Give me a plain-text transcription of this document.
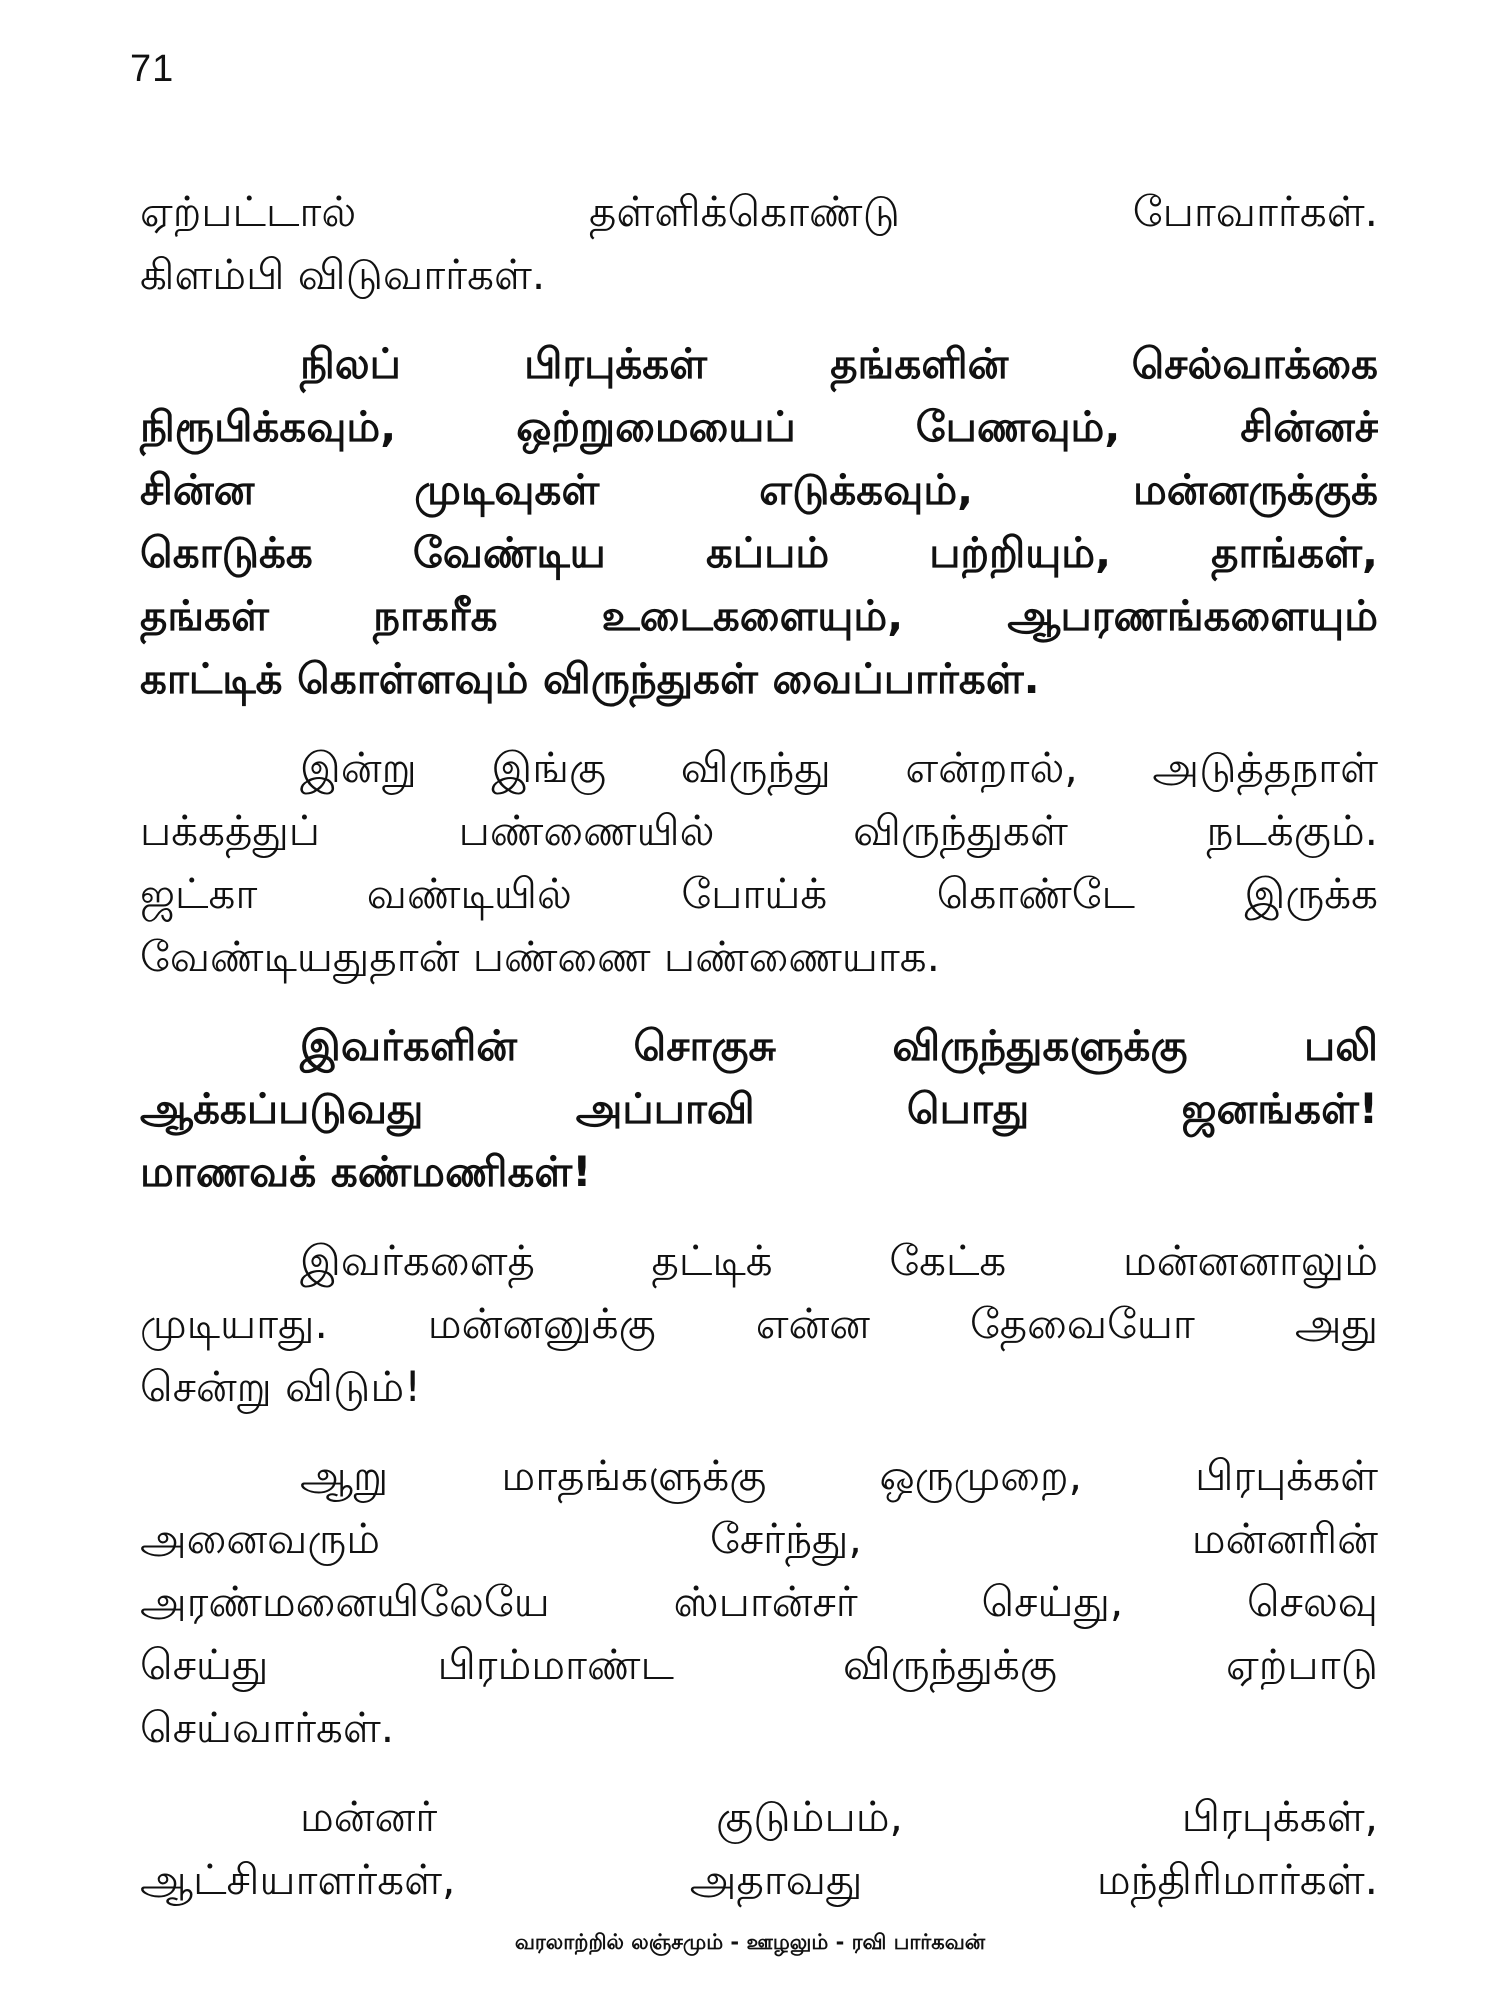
71
ஏற்பட்டால் தள்ளிக்கொண்டு போவார்கள்.
கிளம்பி விடுவார்கள்.
நிலப் பிரபுக்கள் தங்களின் செல்வாக்கை
நிரூபிக்கவும், ஒற்றுமையைப் பேணவும், சின்னச்
சின்ன முடிவுகள் எடுக்கவும், மன்னருக்குக்
கொடுக்க வேண்டிய கப்பம் பற்றியும், தாங்கள்,
தங்கள் நாகரீக உடைகளையும், ஆபரணங்களையும்
காட்டிக் கொள்ளவும் விருந்துகள் வைப்பார்கள்.
இன்று இங்கு விருந்து என்றால், அடுத்தநாள்
பக்கத்துப் பண்ணையில் விருந்துகள் நடக்கும்.
ஜட்கா வண்டியில் போய்க் கொண்டே இருக்க
வேண்டியதுதான் பண்ணை பண்ணையாக.
இவர்களின் சொகுசு விருந்துகளுக்கு பலி
ஆக்கப்படுவது அப்பாவி பொது ஜனங்கள்!
மாணவக் கண்மணிகள்!
இவர்களைத் தட்டிக் கேட்க மன்னனாலும்
முடியாது. மன்னனுக்கு என்ன தேவையோ அது
சென்று விடும்!
ஆறு மாதங்களுக்கு ஒருமுறை, பிரபுக்கள்
அனைவரும் சேர்ந்து, மன்னரின்
அரண்மனையிலேயே ஸ்பான்சர் செய்து, செலவு
செய்து பிரம்மாண்ட விருந்துக்கு ஏற்பாடு
செய்வார்கள்.
மன்னர் குடும்பம், பிரபுக்கள்,
ஆட்சியாளர்கள், அதாவது மந்திரிமார்கள்.
வரலாற்றில் லஞ்சமும் - ஊழலும் - ரவி பார்கவன்
